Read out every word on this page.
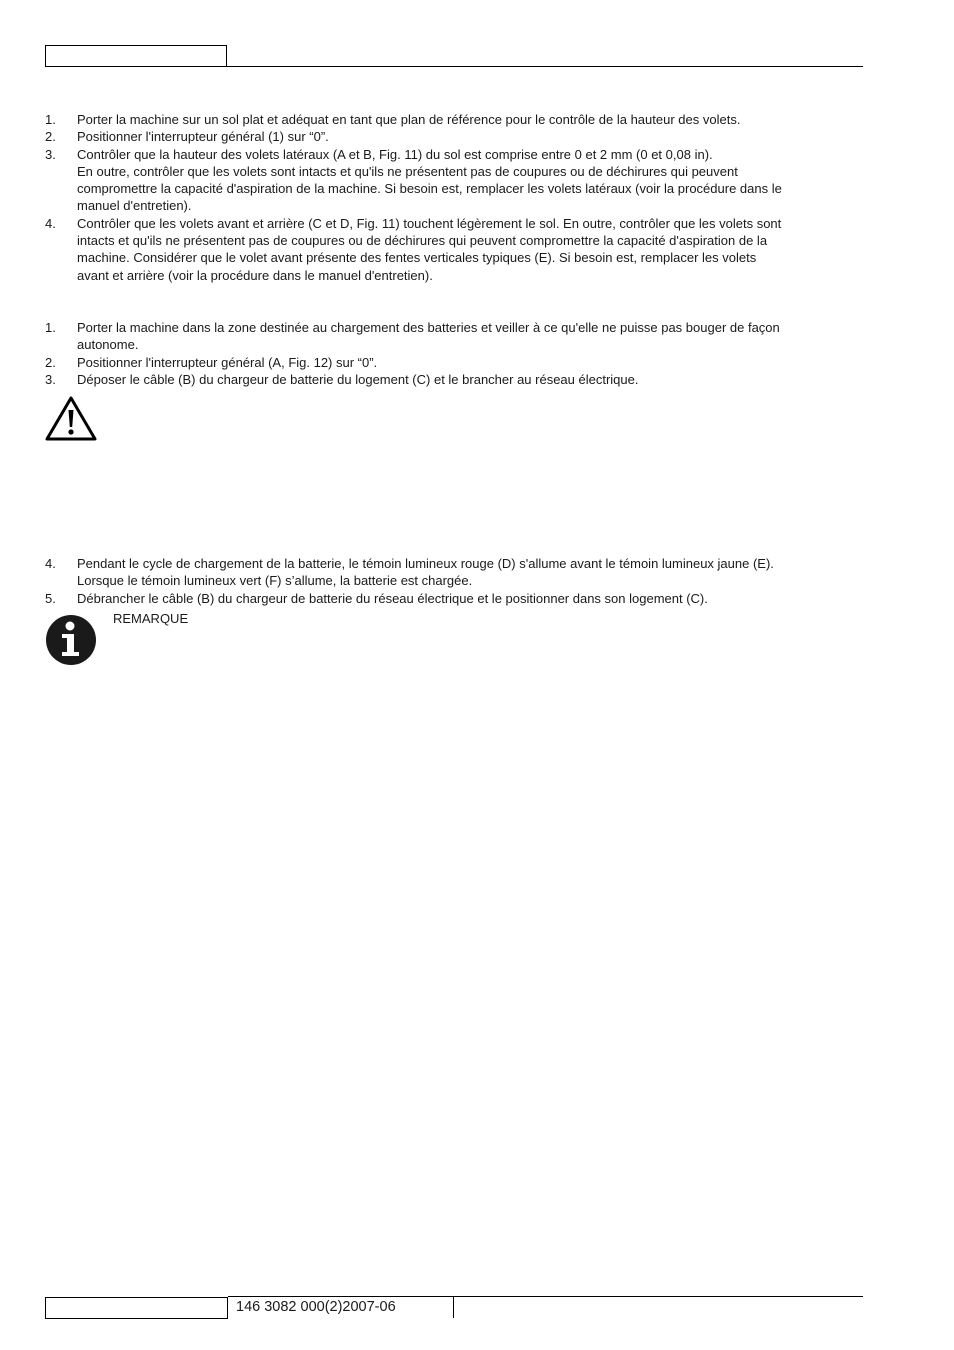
1. Porter la machine sur un sol plat et adéquat en tant que plan de référence pour le contrôle de la hauteur des volets.
2. Positionner l'interrupteur général (1) sur “0”.
3. Contrôler que la hauteur des volets latéraux (A et B, Fig. 11) du sol est comprise entre 0 et 2 mm (0 et 0,08 in).
En outre, contrôler que les volets sont intacts et qu'ils ne présentent pas de coupures ou de déchirures qui peuvent
compromettre la capacité d'aspiration de la machine. Si besoin est, remplacer les volets latéraux (voir la procédure dans le
manuel d'entretien).
4. Contrôler que les volets avant et arrière (C et D, Fig. 11) touchent légèrement le sol. En outre, contrôler que les volets sont
intacts et qu'ils ne présentent pas de coupures ou de déchirures qui peuvent compromettre la capacité d'aspiration de la
machine. Considérer que le volet avant présente des fentes verticales typiques (E). Si besoin est, remplacer les volets
avant et arrière (voir la procédure dans le manuel d'entretien).
1. Porter la machine dans la zone destinée au chargement des batteries et veiller à ce qu'elle ne puisse pas bouger de façon
autonome.
2. Positionner l'interrupteur général (A, Fig. 12) sur “0”.
3. Déposer le câble (B) du chargeur de batterie du logement (C) et le brancher au réseau électrique.
4. Pendant le cycle de chargement de la batterie, le témoin lumineux rouge (D) s'allume avant le témoin lumineux jaune (E).
Lorsque le témoin lumineux vert (F) s’allume, la batterie est chargée.
5. Débrancher le câble (B) du chargeur de batterie du réseau électrique et le positionner dans son logement (C).
REMARQUE
146 3082 000(2)2007-06
